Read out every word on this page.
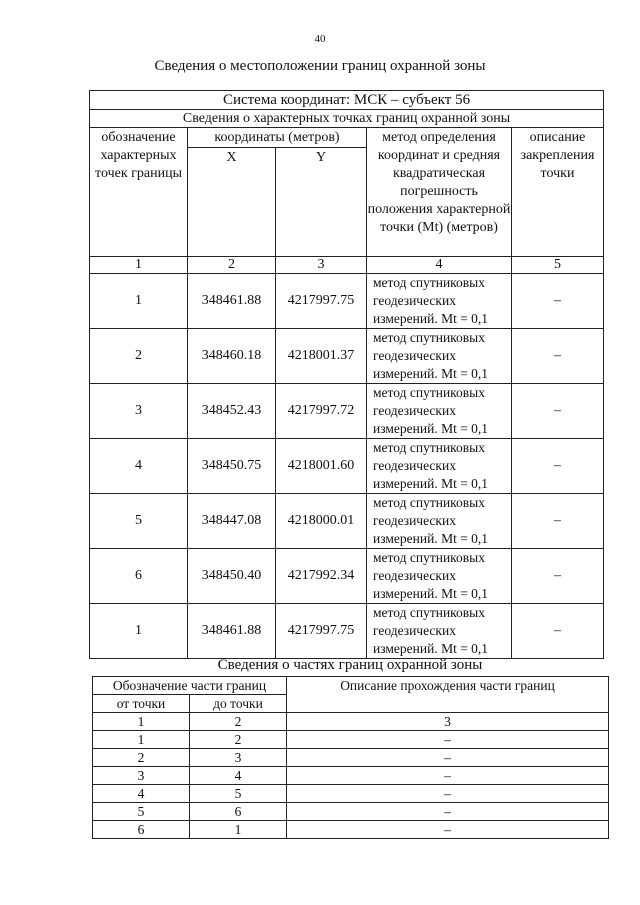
40
Сведения о местоположении границ охранной зоны
Система координат: МСК – субъект 56				
Сведения о характерных точках границ охранной зоны				
обозначение характерных точек границы	координаты (метров)		метод определения координат и средняя квадратическая погрешность положения характерной точки (Mt) (метров)	описание закрепления точки
	X	Y		
1	2	3	4	5
1	348461.88	4217997.75	метод спутниковых
геодезических
измерений. Mt = 0,1	–
2	348460.18	4218001.37	метод спутниковых
геодезических
измерений. Mt = 0,1	–
3	348452.43	4217997.72	метод спутниковых
геодезических
измерений. Mt = 0,1	–
4	348450.75	4218001.60	метод спутниковых
геодезических
измерений. Mt = 0,1	–
5	348447.08	4218000.01	метод спутниковых
геодезических
измерений. Mt = 0,1	–
6	348450.40	4217992.34	метод спутниковых
геодезических
измерений. Mt = 0,1	–
1	348461.88	4217997.75	метод спутниковых
геодезических
измерений. Mt = 0,1	–
Сведения о частях границ охранной зоны
Обозначение части границ		Описание прохождения части границ
от точки	до точки	
1	2	3
1	2	–
2	3	–
3	4	–
4	5	–
5	6	–
6	1	–
